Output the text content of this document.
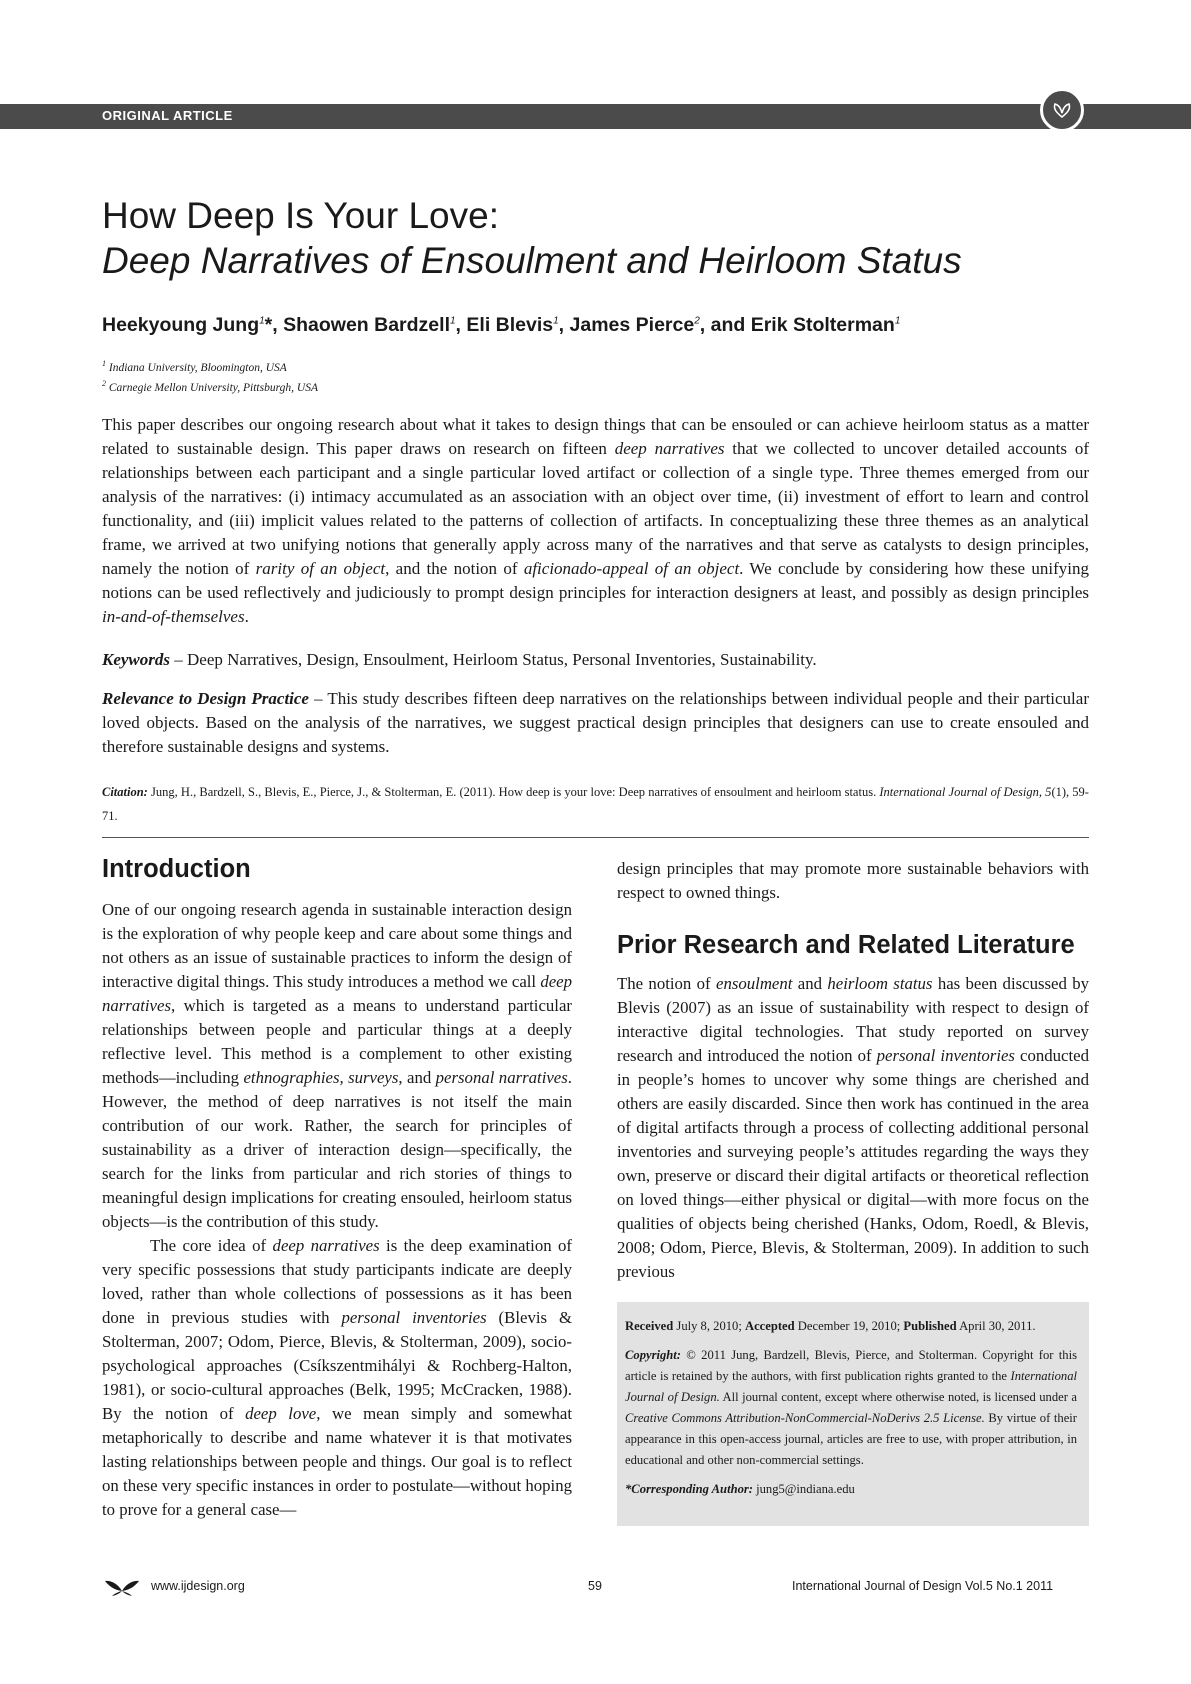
ORIGINAL ARTICLE
How Deep Is Your Love:
Deep Narratives of Ensoulment and Heirloom Status
Heekyoung Jung$^1$*, Shaowen Bardzell$^1$, Eli Blevis$^1$, James Pierce$^2$, and Erik Stolterman$^1$
$^1$ Indiana University, Bloomington, USA
$^2$ Carnegie Mellon University, Pittsburgh, USA

This paper describes our ongoing research about what it takes to design things that can be ensouled or can achieve heirloom status as a matter related to sustainable design. This paper draws on research on fifteen deep narratives that we collected to uncover detailed accounts of relationships between each participant and a single particular loved artifact or collection of a single type. Three themes emerged from our analysis of the narratives: (i) intimacy accumulated as an association with an object over time, (ii) investment of effort to learn and control functionality, and (iii) implicit values related to the patterns of collection of artifacts. In conceptualizing these three themes as an analytical frame, we arrived at two unifying notions that generally apply across many of the narratives and that serve as catalysts to design principles, namely the notion of rarity of an object, and the notion of aficionado-appeal of an object. We conclude by considering how these unifying notions can be used reflectively and judiciously to prompt design principles for interaction designers at least, and possibly as design principles in-and-of-themselves.

Keywords – Deep Narratives, Design, Ensoulment, Heirloom Status, Personal Inventories, Sustainability.

Relevance to Design Practice – This study describes fifteen deep narratives on the relationships between individual people and their particular loved objects. Based on the analysis of the narratives, we suggest practical design principles that designers can use to create ensouled and therefore sustainable designs and systems.

Citation: Jung, H., Bardzell, S., Blevis, E., Pierce, J., & Stolterman, E. (2011). How deep is your love: Deep narratives of ensoulment and heirloom status. International Journal of Design, 5(1), 59-71.

Introduction

One of our ongoing research agenda in sustainable interaction design is the exploration of why people keep and care about some things and not others as an issue of sustainable practices to inform the design of interactive digital things. This study introduces a method we call deep narratives, which is targeted as a means to understand particular relationships between people and particular things at a deeply reflective level. This method is a complement to other existing methods—including ethnographies, surveys, and personal narratives. However, the method of deep narratives is not itself the main contribution of our work. Rather, the search for principles of sustainability as a driver of interaction design—specifically, the search for the links from particular and rich stories of things to meaningful design implications for creating ensouled, heirloom status objects—is the contribution of this study.

The core idea of deep narratives is the deep examination of very specific possessions that study participants indicate are deeply loved, rather than whole collections of possessions as it has been done in previous studies with personal inventories (Blevis & Stolterman, 2007; Odom, Pierce, Blevis, & Stolterman, 2009), socio-psychological approaches (Csíkszentmihályi & Rochberg-Halton, 1981), or socio-cultural approaches (Belk, 1995; McCracken, 1988). By the notion of deep love, we mean simply and somewhat metaphorically to describe and name whatever it is that motivates lasting relationships between people and things. Our goal is to reflect on these very specific instances in order to postulate—without hoping to prove for a general case—

design principles that may promote more sustainable behaviors with respect to owned things.

Prior Research and Related Literature

The notion of ensoulment and heirloom status has been discussed by Blevis (2007) as an issue of sustainability with respect to design of interactive digital technologies. That study reported on survey research and introduced the notion of personal inventories conducted in people’s homes to uncover why some things are cherished and others are easily discarded. Since then work has continued in the area of digital artifacts through a process of collecting additional personal inventories and surveying people’s attitudes regarding the ways they own, preserve or discard their digital artifacts or theoretical reflection on loved things—either physical or digital—with more focus on the qualities of objects being cherished (Hanks, Odom, Roedl, & Blevis, 2008; Odom, Pierce, Blevis, & Stolterman, 2009). In addition to such previous

Received July 8, 2010; Accepted December 19, 2010; Published April 30, 2011.

Copyright: © 2011 Jung, Bardzell, Blevis, Pierce, and Stolterman. Copyright for this article is retained by the authors, with first publication rights granted to the International Journal of Design. All journal content, except where otherwise noted, is licensed under a Creative Commons Attribution-NonCommercial-NoDerivs 2.5 License. By virtue of their appearance in this open-access journal, articles are free to use, with proper attribution, in educational and other non-commercial settings.

*Corresponding Author: jung5@indiana.edu

www.ijdesign.org	59	International Journal of Design Vol.5 No.1 2011
